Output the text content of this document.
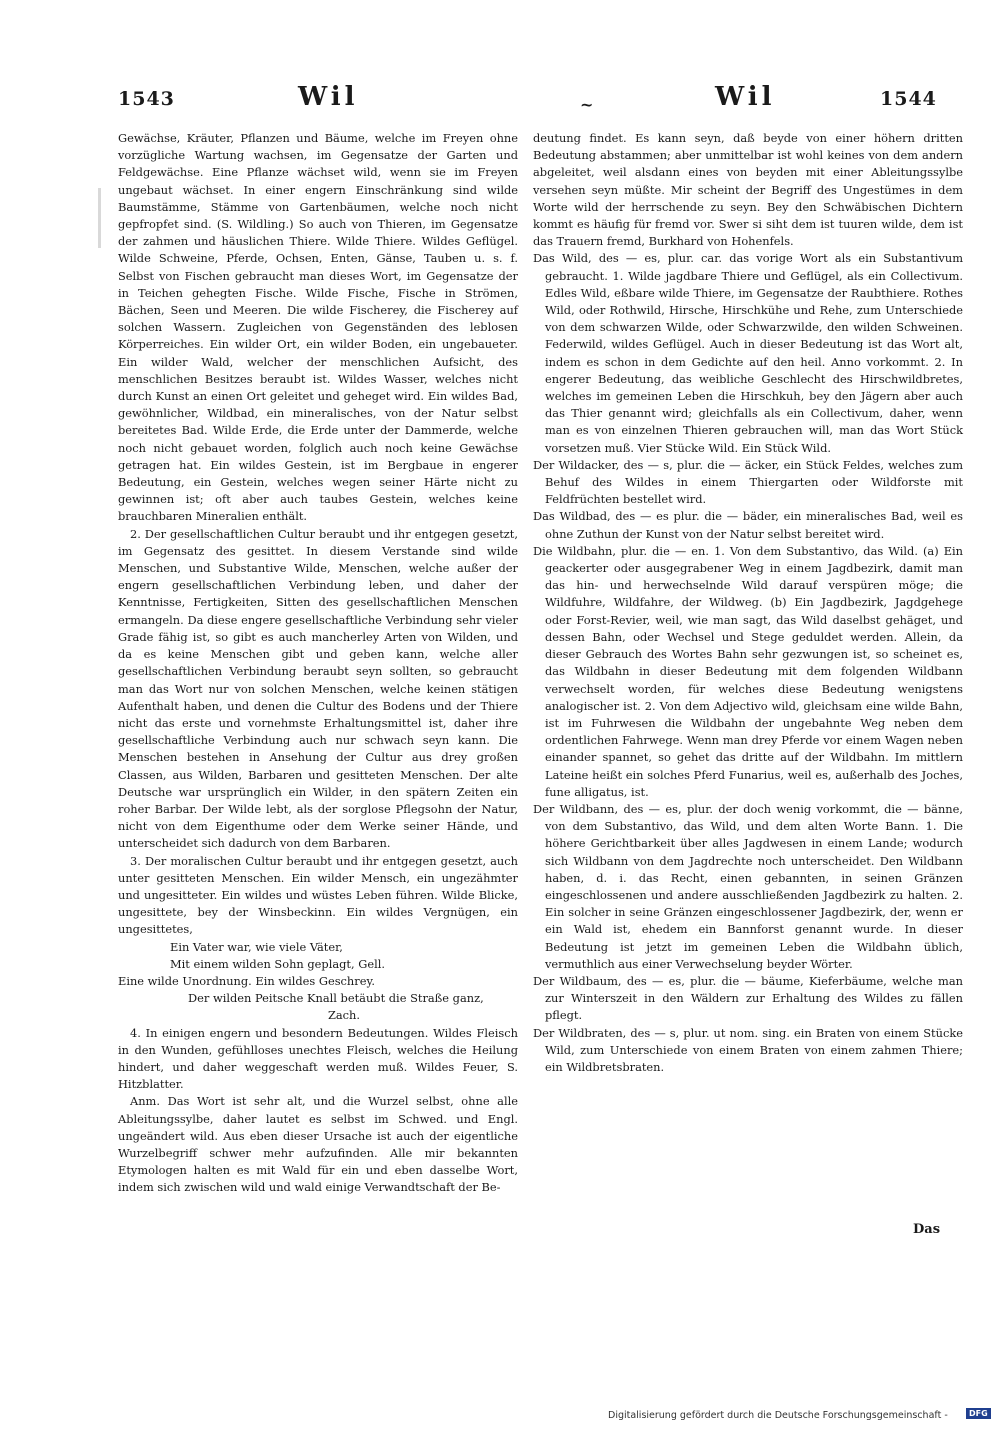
1543	Wil	~	Wil	1544

Gewächse, Kräuter, Pflanzen und Bäume, welche im Freyen ohne vorzügliche Wartung wachsen, im Gegensatze der Garten und Feldgewächse. Eine Pflanze wächset wild, wenn sie im Freyen ungebaut wächset. In einer engern Einschränkung sind wilde Baumstämme, Stämme von Gartenbäumen, welche noch nicht gepfropfet sind. (S. Wildling.) So auch von Thieren, im Gegensatze der zahmen und häuslichen Thiere. Wilde Thiere. Wildes Geflügel. Wilde Schweine, Pferde, Ochsen, Enten, Gänse, Tauben u. s. f. Selbst von Fischen gebraucht man dieses Wort, im Gegensatze der in Teichen gehegten Fische. Wilde Fische, Fische in Strömen, Bächen, Seen und Meeren. Die wilde Fischerey, die Fischerey auf solchen Wassern. Zugleichen von Gegenständen des leblosen Körperreiches. Ein wilder Ort, ein wilder Boden, ein ungebaueter. Ein wilder Wald, welcher der menschlichen Aufsicht, des menschlichen Besitzes beraubt ist. Wildes Wasser, welches nicht durch Kunst an einen Ort geleitet und geheget wird. Ein wildes Bad, gewöhnlicher, Wildbad, ein mineralisches, von der Natur selbst bereitetes Bad. Wilde Erde, die Erde unter der Dammerde, welche noch nicht gebauet worden, folglich auch noch keine Gewächse getragen hat. Ein wildes Gestein, ist im Bergbaue in engerer Bedeutung, ein Gestein, welches wegen seiner Härte nicht zu gewinnen ist; oft aber auch taubes Gestein, welches keine brauchbaren Mineralien enthält.

2. Der gesellschaftlichen Cultur beraubt und ihr entgegen gesetzt, im Gegensatz des gesittet. In diesem Verstande sind wilde Menschen, und Substantive Wilde, Menschen, welche außer der engern gesellschaftlichen Verbindung leben, und daher der Kenntnisse, Fertigkeiten, Sitten des gesellschaftlichen Menschen ermangeln. Da diese engere gesellschaftliche Verbindung sehr vieler Grade fähig ist, so gibt es auch mancherley Arten von Wilden, und da es keine Menschen gibt und geben kann, welche aller gesellschaftlichen Verbindung beraubt seyn sollten, so gebraucht man das Wort nur von solchen Menschen, welche keinen stätigen Aufenthalt haben, und denen die Cultur des Bodens und der Thiere nicht das erste und vornehmste Erhaltungsmittel ist, daher ihre gesellschaftliche Verbindung auch nur schwach seyn kann. Die Menschen bestehen in Ansehung der Cultur aus drey großen Classen, aus Wilden, Barbaren und gesitteten Menschen. Der alte Deutsche war ursprünglich ein Wilder, in den spätern Zeiten ein roher Barbar. Der Wilde lebt, als der sorglose Pflegsohn der Natur, nicht von dem Eigenthume oder dem Werke seiner Hände, und unterscheidet sich dadurch von dem Barbaren.

3. Der moralischen Cultur beraubt und ihr entgegen gesetzt, auch unter gesitteten Menschen. Ein wilder Mensch, ein ungezähmter und ungesitteter. Ein wildes und wüstes Leben führen. Wilde Blicke, ungesittete, bey der Winsbeckinn. Ein wildes Vergnügen, ein ungesittetes,

Ein Vater war, wie viele Väter,

Mit einem wilden Sohn geplagt, Gell.

Eine wilde Unordnung. Ein wildes Geschrey.

Der wilden Peitsche Knall betäubt die Straße ganz,

Zach.

4. In einigen engern und besondern Bedeutungen. Wildes Fleisch in den Wunden, gefühlloses unechtes Fleisch, welches die Heilung hindert, und daher weggeschaft werden muß. Wildes Feuer, S. Hitzblatter.

Anm. Das Wort ist sehr alt, und die Wurzel selbst, ohne alle Ableitungssylbe, daher lautet es selbst im Schwed. und Engl. ungeändert wild. Aus eben dieser Ursache ist auch der eigentliche Wurzelbegriff schwer mehr aufzufinden. Alle mir bekannten Etymologen halten es mit Wald für ein und eben dasselbe Wort, indem sich zwischen wild und wald einige Verwandtschaft der Be-

deutung findet. Es kann seyn, daß beyde von einer höhern dritten Bedeutung abstammen; aber unmittelbar ist wohl keines von dem andern abgeleitet, weil alsdann eines von beyden mit einer Ableitungssylbe versehen seyn müßte. Mir scheint der Begriff des Ungestümes in dem Worte wild der herrschende zu seyn. Bey den Schwäbischen Dichtern kommt es häufig für fremd vor. Swer si siht dem ist tuuren wilde, dem ist das Trauern fremd, Burkhard von Hohenfels.

Das Wild, des — es, plur. car. das vorige Wort als ein Substantivum gebraucht. 1. Wilde jagdbare Thiere und Geflügel, als ein Collectivum. Edles Wild, eßbare wilde Thiere, im Gegensatze der Raubthiere. Rothes Wild, oder Rothwild, Hirsche, Hirschkühe und Rehe, zum Unterschiede von dem schwarzen Wilde, oder Schwarzwilde, den wilden Schweinen. Federwild, wildes Geflügel. Auch in dieser Bedeutung ist das Wort alt, indem es schon in dem Gedichte auf den heil. Anno vorkommt. 2. In engerer Bedeutung, das weibliche Geschlecht des Hirschwildbretes, welches im gemeinen Leben die Hirschkuh, bey den Jägern aber auch das Thier genannt wird; gleichfalls als ein Collectivum, daher, wenn man es von einzelnen Thieren gebrauchen will, man das Wort Stück vorsetzen muß. Vier Stücke Wild. Ein Stück Wild.

Der Wildacker, des — s, plur. die — äcker, ein Stück Feldes, welches zum Behuf des Wildes in einem Thiergarten oder Wildforste mit Feldfrüchten bestellet wird.

Das Wildbad, des — es plur. die — bäder, ein mineralisches Bad, weil es ohne Zuthun der Kunst von der Natur selbst bereitet wird.

Die Wildbahn, plur. die — en. 1. Von dem Substantivo, das Wild. (a) Ein geackerter oder ausgegrabener Weg in einem Jagdbezirk, damit man das hin- und herwechselnde Wild darauf verspüren möge; die Wildfuhre, Wildfahre, der Wildweg. (b) Ein Jagdbezirk, Jagdgehege oder Forst-Revier, weil, wie man sagt, das Wild daselbst gehäget, und dessen Bahn, oder Wechsel und Stege geduldet werden. Allein, da dieser Gebrauch des Wortes Bahn sehr gezwungen ist, so scheinet es, das Wildbahn in dieser Bedeutung mit dem folgenden Wildbann verwechselt worden, für welches diese Bedeutung wenigstens analogischer ist. 2. Von dem Adjectivo wild, gleichsam eine wilde Bahn, ist im Fuhrwesen die Wildbahn der ungebahnte Weg neben dem ordentlichen Fahrwege. Wenn man drey Pferde vor einem Wagen neben einander spannet, so gehet das dritte auf der Wildbahn. Im mittlern Lateine heißt ein solches Pferd Funarius, weil es, außerhalb des Joches, fune alligatus, ist.

Der Wildbann, des — es, plur. der doch wenig vorkommt, die — bänne, von dem Substantivo, das Wild, und dem alten Worte Bann. 1. Die höhere Gerichtbarkeit über alles Jagdwesen in einem Lande; wodurch sich Wildbann von dem Jagdrechte noch unterscheidet. Den Wildbann haben, d. i. das Recht, einen gebannten, in seinen Gränzen eingeschlossenen und andere ausschließenden Jagdbezirk zu halten. 2. Ein solcher in seine Gränzen eingeschlossener Jagdbezirk, der, wenn er ein Wald ist, ehedem ein Bannforst genannt wurde. In dieser Bedeutung ist jetzt im gemeinen Leben die Wildbahn üblich, vermuthlich aus einer Verwechselung beyder Wörter.

Der Wildbaum, des — es, plur. die — bäume, Kieferbäume, welche man zur Winterszeit in den Wäldern zur Erhaltung des Wildes zu fällen pflegt.

Der Wildbraten, des — s, plur. ut nom. sing. ein Braten von einem Stücke Wild, zum Unterschiede von einem Braten von einem zahmen Thiere; ein Wildbretsbraten.

Das
Digitalisierung gefördert durch die Deutsche Forschungsgemeinschaft -	DFG
